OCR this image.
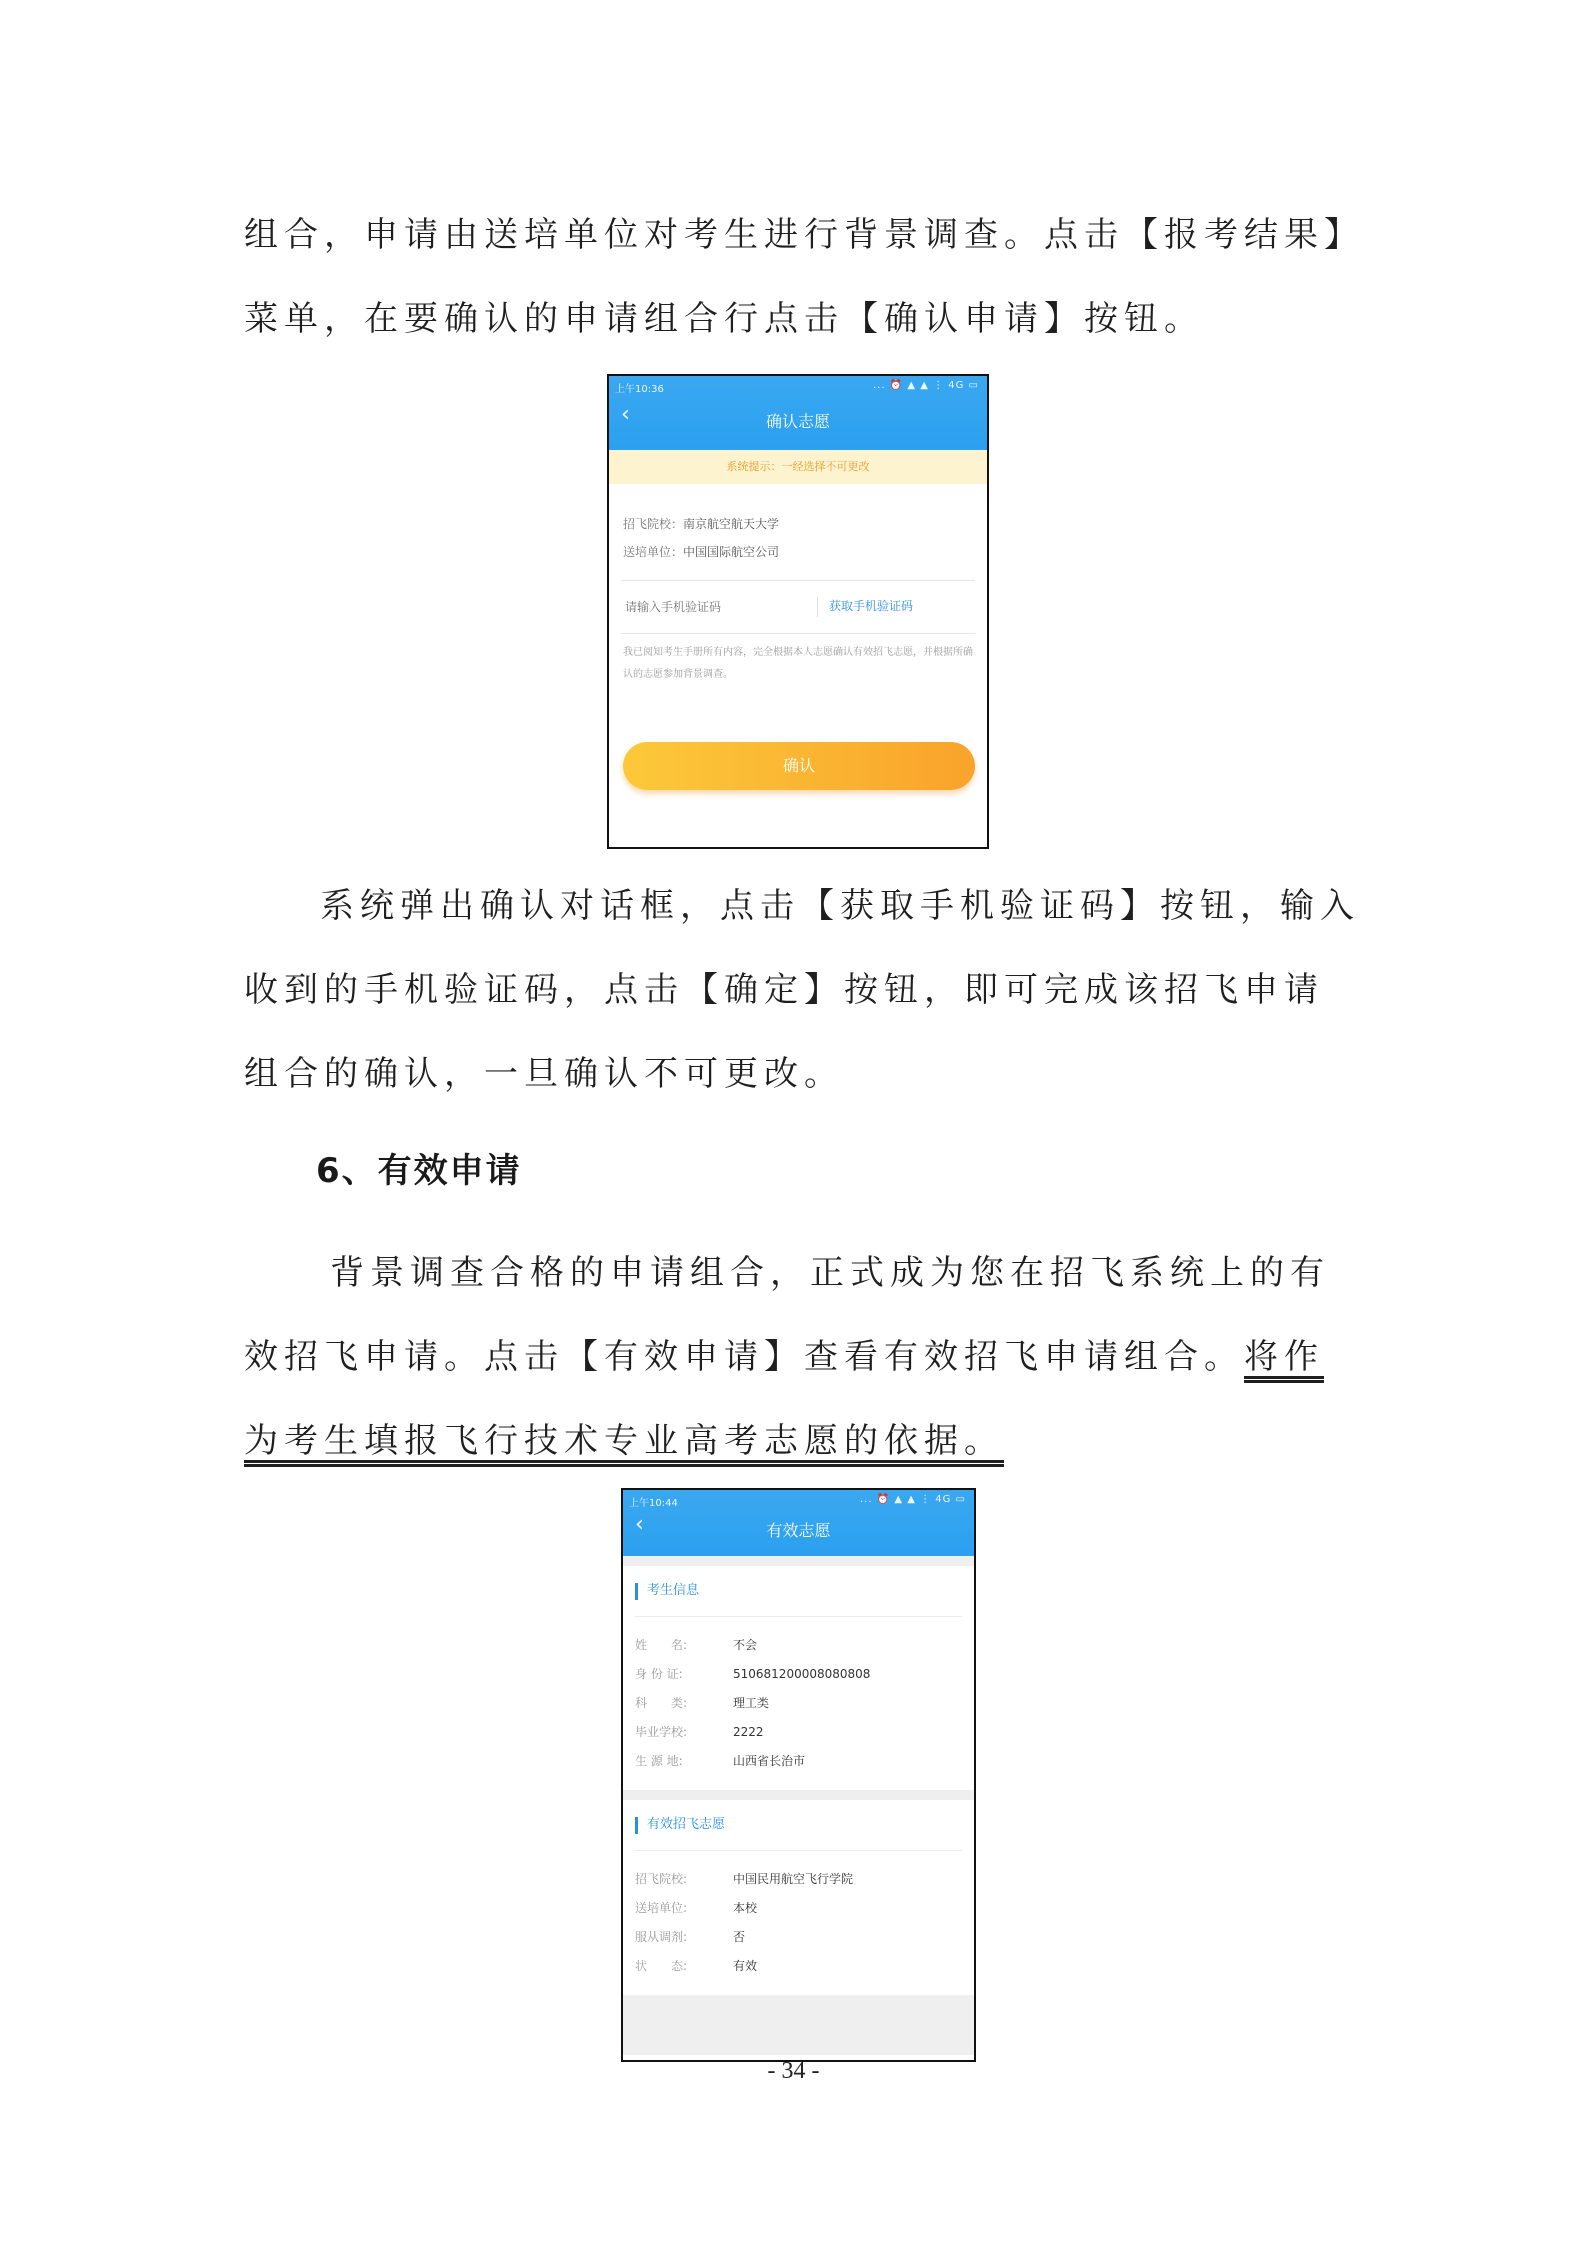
组合，申请由送培单位对考生进行背景调查。点击【报考结果】菜单，在要确认的申请组合行点击【确认申请】按钮。

上午10:36	... ⏰ ▲ ▲ ⋮ 4G ▭
‹	确认志愿
系统提示：一经选择不可更改
招飞院校：南京航空航天大学
送培单位：中国国际航空公司
请输入手机验证码
获取手机验证码
我已阅知考生手册所有内容，完全根据本人志愿确认有效招飞志愿，并根据所确认的志愿参加背景调查。
确认

系统弹出确认对话框，点击【获取手机验证码】按钮，输入收到的手机验证码，点击【确定】按钮，即可完成该招飞申请组合的确认，一旦确认不可更改。

6、有效申请

背景调查合格的申请组合，正式成为您在招飞系统上的有效招飞申请。点击【有效申请】查看有效招飞申请组合。将作为考生填报飞行技术专业高考志愿的依据。

上午10:44	... ⏰ ▲ ▲ ⋮ 4G ▭
‹	有效志愿
考生信息
姓　　名:	不会
身 份 证:	510681200008080808
科　　类:	理工类
毕业学校:	2222
生 源 地:	山西省长治市
有效招飞志愿
招飞院校:	中国民用航空飞行学院
送培单位:	本校
服从调剂:	否
状　　态:	有效
- 34 -
